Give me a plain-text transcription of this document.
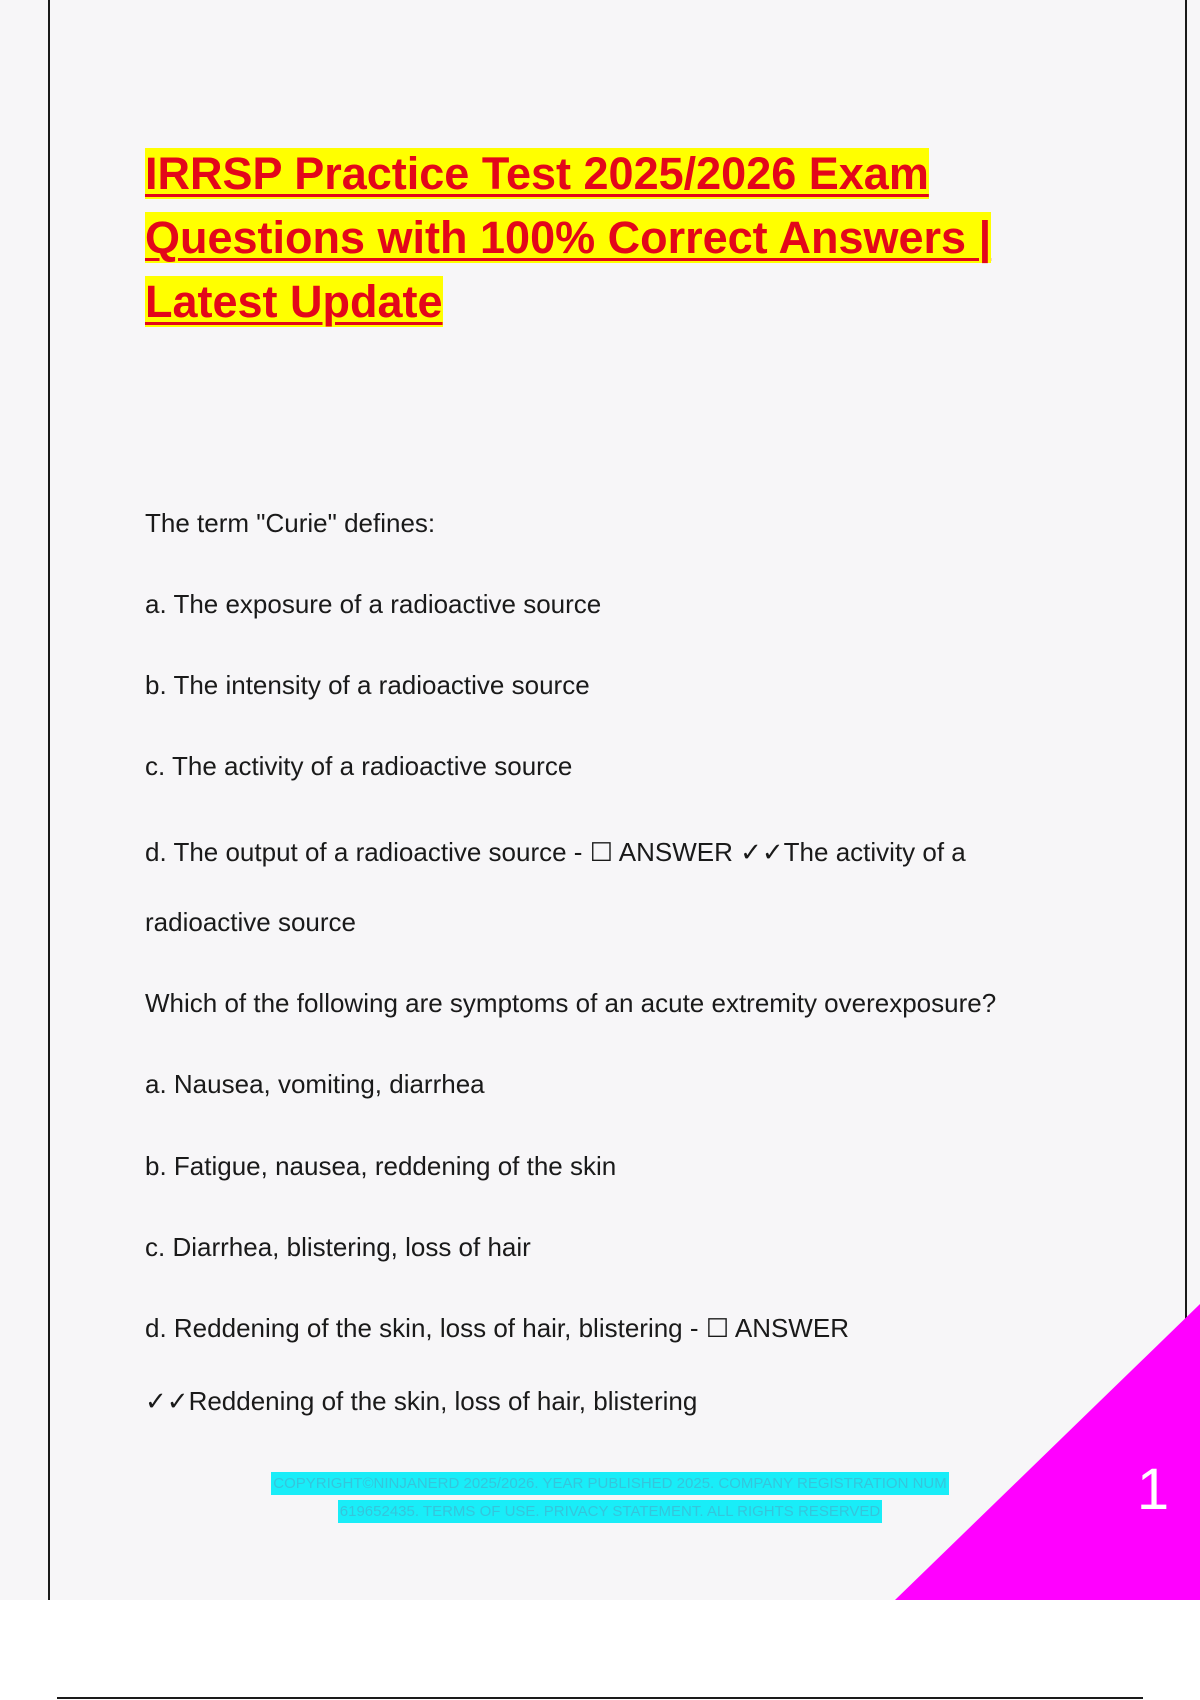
IRRSP Practice Test 2025/2026 Exam Questions with 100% Correct Answers | Latest Update

The term "Curie" defines:

a. The exposure of a radioactive source

b. The intensity of a radioactive source

c. The activity of a radioactive source

d. The output of a radioactive source - ☐ ANSWER ✓✓The activity of a

radioactive source

Which of the following are symptoms of an acute extremity overexposure?

a. Nausea, vomiting, diarrhea

b. Fatigue, nausea, reddening of the skin

c. Diarrhea, blistering, loss of hair

d. Reddening of the skin, loss of hair, blistering - ☐ ANSWER

✓✓Reddening of the skin, loss of hair, blistering

COPYRIGHT©NINJANERD 2025/2026. YEAR PUBLISHED 2025. COMPANY REGISTRATION NUM
619652435. TERMS OF USE. PRIVACY STATEMENT. ALL RIGHTS RESERVED	1
